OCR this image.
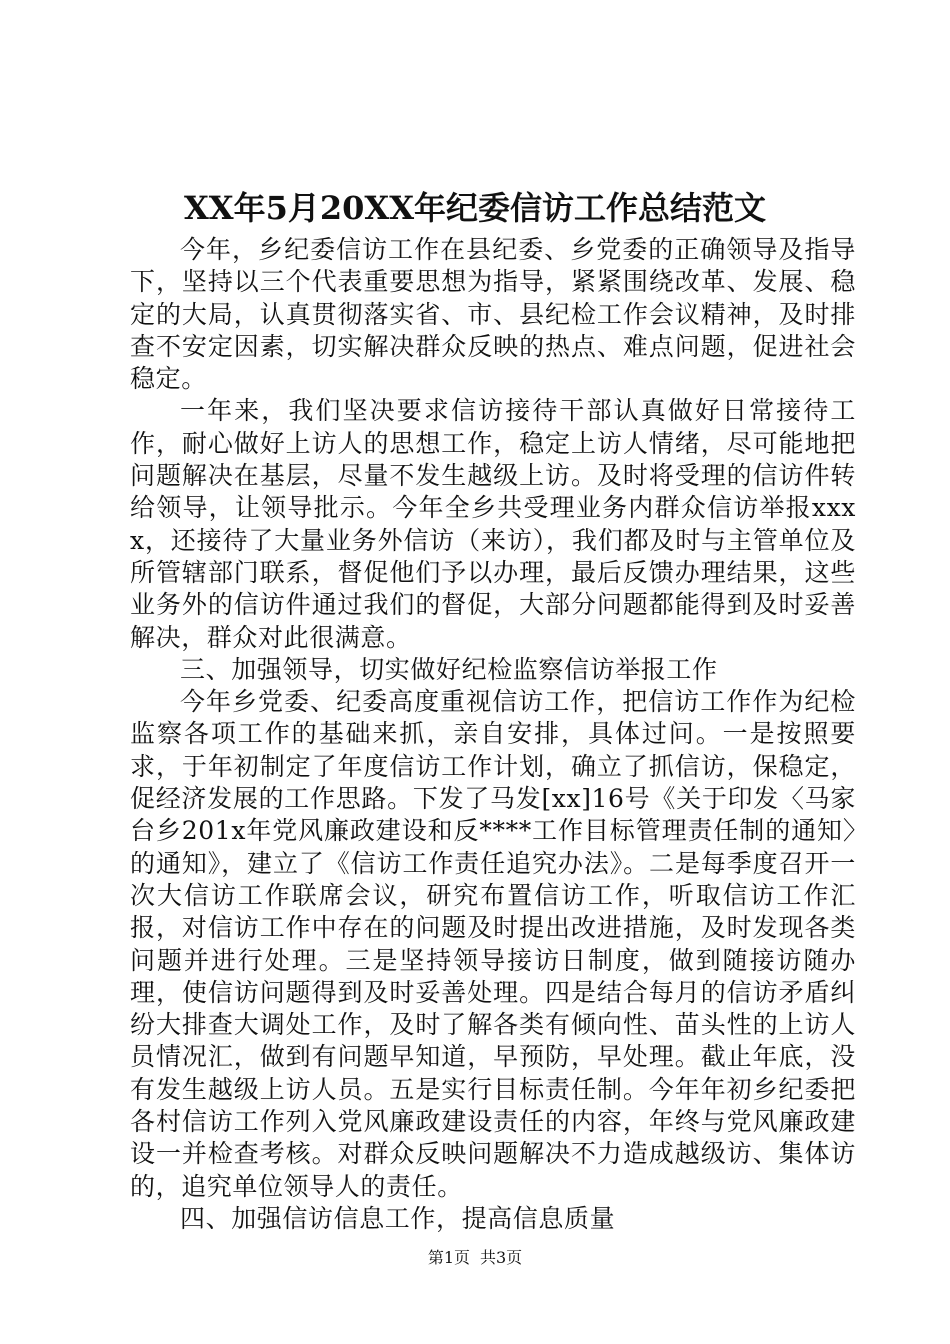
XX年5月20XX年纪委信访工作总结范文

今年，乡纪委信访工作在县纪委、乡党委的正确领导及指导下，坚持以三个代表重要思想为指导，紧紧围绕改革、发展、稳定的大局，认真贯彻落实省、市、县纪检工作会议精神，及时排查不安定因素，切实解决群众反映的热点、难点问题，促进社会稳定。

一年来，我们坚决要求信访接待干部认真做好日常接待工作，耐心做好上访人的思想工作，稳定上访人情绪，尽可能地把问题解决在基层，尽量不发生越级上访。及时将受理的信访件转给领导，让领导批示。今年全乡共受理业务内群众信访举报xxxx，还接待了大量业务外信访（来访），我们都及时与主管单位及所管辖部门联系，督促他们予以办理，最后反馈办理结果，这些业务外的信访件通过我们的督促，大部分问题都能得到及时妥善解决，群众对此很满意。

三、加强领导，切实做好纪检监察信访举报工作

今年乡党委、纪委高度重视信访工作，把信访工作作为纪检监察各项工作的基础来抓，亲自安排，具体过问。一是按照要求，于年初制定了年度信访工作计划，确立了抓信访，保稳定，促经济发展的工作思路。下发了马发[xx]16号《关于印发〈马家台乡201x年党风廉政建设和反****工作目标管理责任制的通知〉的通知》，建立了《信访工作责任追究办法》。二是每季度召开一次大信访工作联席会议，研究布置信访工作，听取信访工作汇报，对信访工作中存在的问题及时提出改进措施，及时发现各类问题并进行处理。三是坚持领导接访日制度，做到随接访随办理，使信访问题得到及时妥善处理。四是结合每月的信访矛盾纠纷大排查大调处工作，及时了解各类有倾向性、苗头性的上访人员情况汇，做到有问题早知道，早预防，早处理。截止年底，没有发生越级上访人员。五是实行目标责任制。今年年初乡纪委把各村信访工作列入党风廉政建设责任的内容，年终与党风廉政建设一并检查考核。对群众反映问题解决不力造成越级访、集体访的，追究单位领导人的责任。

四、加强信访信息工作，提高信息质量

第1页 共3页
